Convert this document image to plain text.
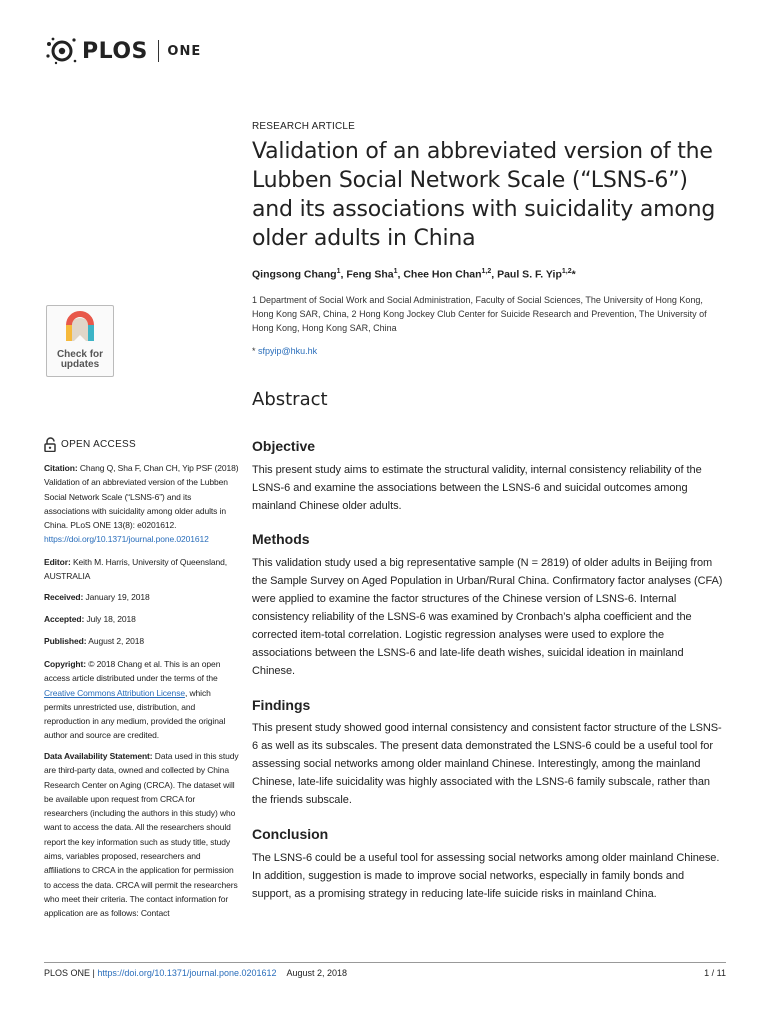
PLOS ONE
RESEARCH ARTICLE
Validation of an abbreviated version of the Lubben Social Network Scale (“LSNS-6”) and its associations with suicidality among older adults in China
Qingsong Chang$^1$, Feng Sha$^1$, Chee Hon Chan$^{1,2}$, Paul S. F. Yip$^{1,2}$*
1 Department of Social Work and Social Administration, Faculty of Social Sciences, The University of Hong Kong, Hong Kong SAR, China, 2 Hong Kong Jockey Club Center for Suicide Research and Prevention, The University of Hong Kong, Hong Kong SAR, China
* sfpyip@hku.hk
Check for
updates
Abstract
OPEN ACCESS
Citation: Chang Q, Sha F, Chan CH, Yip PSF (2018) Validation of an abbreviated version of the Lubben Social Network Scale (“LSNS-6”) and its associations with suicidality among older adults in China. PLoS ONE 13(8): e0201612. https://doi.org/10.1371/journal.pone.0201612
Editor: Keith M. Harris, University of Queensland, AUSTRALIA
Received: January 19, 2018
Accepted: July 18, 2018
Published: August 2, 2018
Copyright: © 2018 Chang et al. This is an open access article distributed under the terms of the Creative Commons Attribution License, which permits unrestricted use, distribution, and reproduction in any medium, provided the original author and source are credited.
Data Availability Statement: Data used in this study are third-party data, owned and collected by China Research Center on Aging (CRCA). The dataset will be available upon request from CRCA for researchers (including the authors in this study) who want to access the data. All the researchers should report the key information such as study title, study aims, variables proposed, researchers and affiliations to CRCA in the application for permission to access the data. CRCA will permit the researchers who meet their criteria. The contact information for application are as follows: Contact
Objective
This present study aims to estimate the structural validity, internal consistency reliability of the LSNS-6 and examine the associations between the LSNS-6 and suicidal outcomes among mainland Chinese older adults.
Methods
This validation study used a big representative sample (N = 2819) of older adults in Beijing from the Sample Survey on Aged Population in Urban/Rural China. Confirmatory factor analyses (CFA) were applied to examine the factor structures of the Chinese version of LSNS-6. Internal consistency reliability of the LSNS-6 was examined by Cronbach’s alpha coefficient and the corrected item-total correlation. Logistic regression analyses were used to explore the associations between the LSNS-6 and late-life death wishes, suicidal ideation in mainland Chinese.
Findings
This present study showed good internal consistency and consistent factor structure of the LSNS-6 as well as its subscales. The present data demonstrated the LSNS-6 could be a useful tool for assessing social networks among older mainland Chinese. Interestingly, among the mainland Chinese, late-life suicidality was highly associated with the LSNS-6 family subscale, rather than the friends subscale.
Conclusion
The LSNS-6 could be a useful tool for assessing social networks among older mainland Chinese. In addition, suggestion is made to improve social networks, especially in family bonds and support, as a promising strategy in reducing late-life suicide risks in mainland China.
PLOS ONE | https://doi.org/10.1371/journal.pone.0201612 August 2, 2018	1 / 11
